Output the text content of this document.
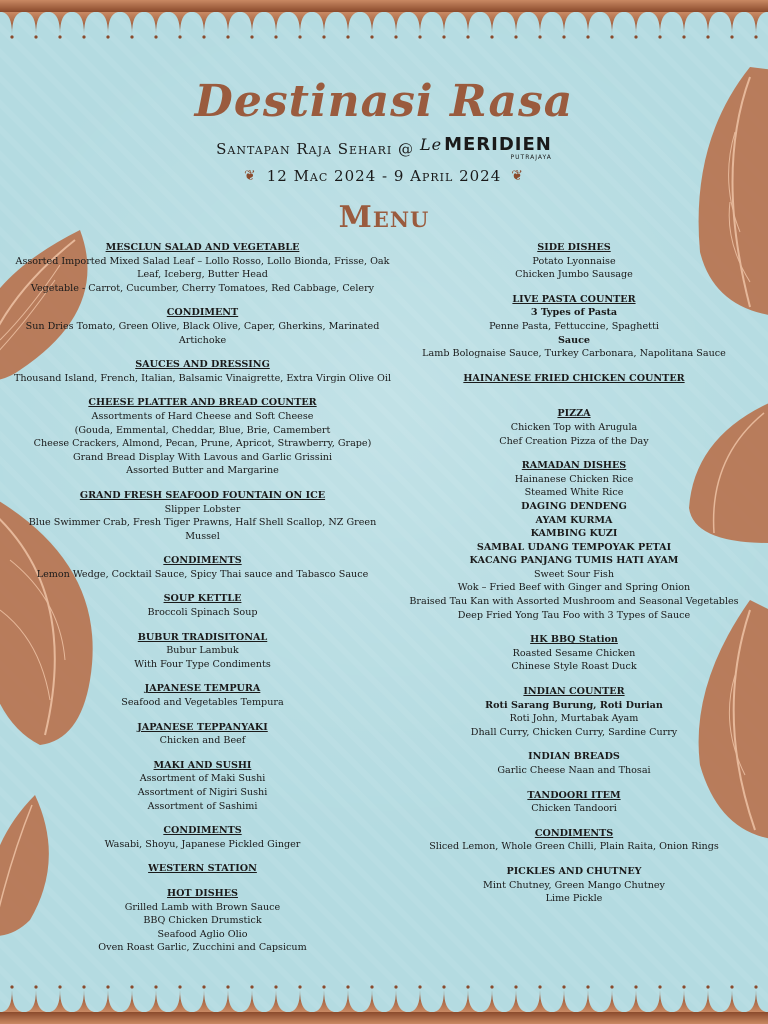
Destinasi Rasa
Santapan Raja Sehari @ Le MERIDIEN
PUTRAJAYA
❦ 12 Mac 2024 - 9 April 2024 ❦
Menu
MESCLUN SALAD AND VEGETABLE
Assorted Imported Mixed Salad Leaf – Lollo Rosso, Lollo Bionda, Frisse, Oak
Leaf, Iceberg, Butter Head
Vegetable - Carrot, Cucumber, Cherry Tomatoes, Red Cabbage, Celery
CONDIMENT
Sun Dries Tomato, Green Olive, Black Olive, Caper, Gherkins, Marinated
Artichoke
SAUCES AND DRESSING
Thousand Island, French, Italian, Balsamic Vinaigrette, Extra Virgin Olive Oil
CHEESE PLATTER AND BREAD COUNTER
Assortments of Hard Cheese and Soft Cheese
(Gouda, Emmental, Cheddar, Blue, Brie, Camembert
Cheese Crackers, Almond, Pecan, Prune, Apricot, Strawberry, Grape)
Grand Bread Display With Lavous and Garlic Grissini
Assorted Butter and Margarine
GRAND FRESH SEAFOOD FOUNTAIN ON ICE
Slipper Lobster
Blue Swimmer Crab, Fresh Tiger Prawns, Half Shell Scallop, NZ Green Mussel
CONDIMENTS
Lemon Wedge, Cocktail Sauce, Spicy Thai sauce and Tabasco Sauce
SOUP KETTLE
Broccoli Spinach Soup
BUBUR TRADISITONAL
Bubur Lambuk
With Four Type Condiments
JAPANESE TEMPURA
Seafood and Vegetables Tempura
JAPANESE TEPPANYAKI
Chicken and Beef
MAKI AND SUSHI
Assortment of Maki Sushi
Assortment of Nigiri Sushi
Assortment of Sashimi
CONDIMENTS
Wasabi, Shoyu, Japanese Pickled Ginger
WESTERN STATION
HOT DISHES
Grilled Lamb with Brown Sauce
BBQ Chicken Drumstick
Seafood Aglio Olio
Oven Roast Garlic, Zucchini and Capsicum
SIDE DISHES
Potato Lyonnaise
Chicken Jumbo Sausage
LIVE PASTA COUNTER
3 Types of Pasta
Penne Pasta, Fettuccine, Spaghetti
Sauce
Lamb Bolognaise Sauce, Turkey Carbonara, Napolitana Sauce
HAINANESE FRIED CHICKEN COUNTER
PIZZA
Chicken Top with Arugula
Chef Creation Pizza of the Day
RAMADAN DISHES
Hainanese Chicken Rice
Steamed White Rice
DAGING DENDENG
AYAM KURMA
KAMBING KUZI
SAMBAL UDANG TEMPOYAK PETAI
KACANG PANJANG TUMIS HATI AYAM
Sweet Sour Fish
Wok – Fried Beef with Ginger and Spring Onion
Braised Tau Kan with Assorted Mushroom and Seasonal Vegetables
Deep Fried Yong Tau Foo with 3 Types of Sauce
HK BBQ Station
Roasted Sesame Chicken
Chinese Style Roast Duck
INDIAN COUNTER
Roti Sarang Burung, Roti Durian
Roti John, Murtabak Ayam
Dhall Curry, Chicken Curry, Sardine Curry
INDIAN BREADS
Garlic Cheese Naan and Thosai
TANDOORI ITEM
Chicken Tandoori
CONDIMENTS
Sliced Lemon, Whole Green Chilli, Plain Raita, Onion Rings
PICKLES AND CHUTNEY
Mint Chutney, Green Mango Chutney
Lime Pickle
